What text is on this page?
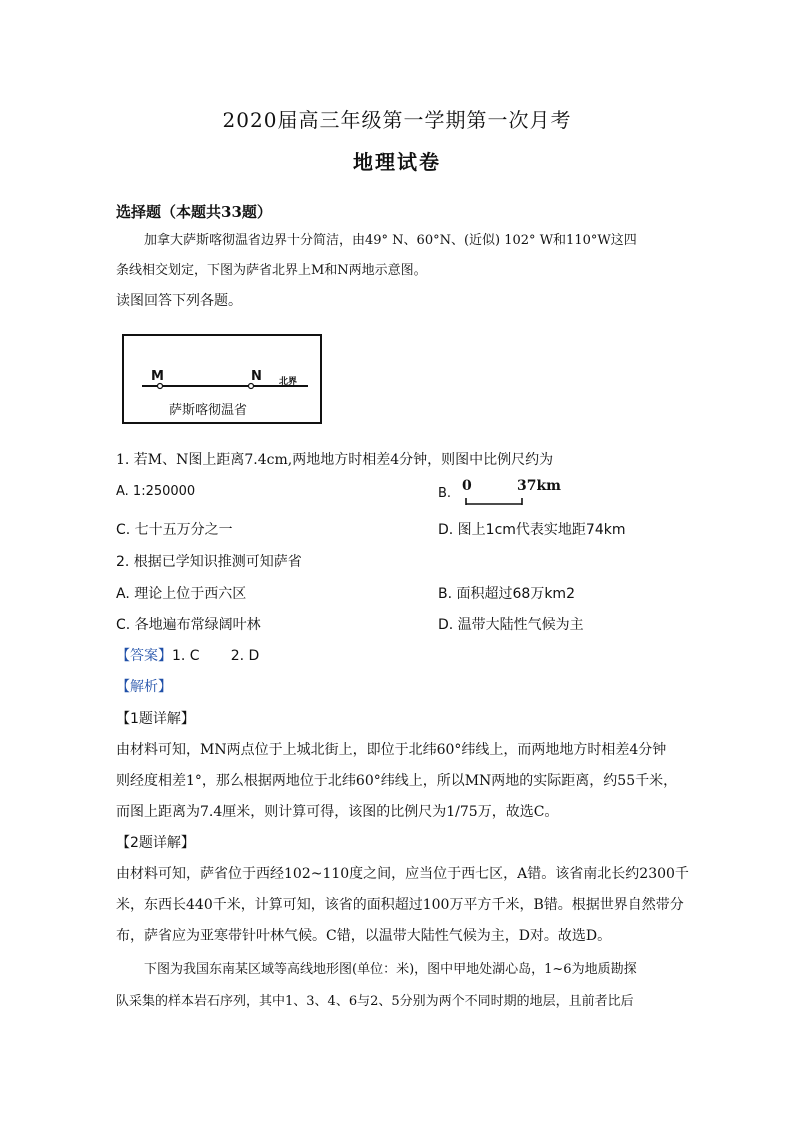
2020届高三年级第一学期第一次月考
地理试卷
选择题（本题共33题）
加拿大萨斯喀彻温省边界十分简洁，由49° N、60°N、(近似) 102° W和110°W这四
条线相交划定，下图为萨省北界上M和N两地示意图。
读图回答下列各题。
M	N 北界
萨斯喀彻温省
1. 若M、N图上距离7.4cm,两地地方时相差4分钟，则图中比例尺约为
A. 1:250000	B. 0	37km
C. 七十五万分之一	D. 图上1cm代表实地距74km
2. 根据已学知识推测可知萨省
A. 理论上位于西六区	B. 面积超过68万km2
C. 各地遍布常绿阔叶林	D. 温带大陆性气候为主
【答案】1. C       2. D
【解析】
【1题详解】
由材料可知，MN两点位于上城北街上，即位于北纬60°纬线上，而两地地方时相差4分钟
则经度相差1°，那么根据两地位于北纬60°纬线上，所以MN两地的实际距离，约55千米，
而图上距离为7.4厘米，则计算可得，该图的比例尺为1/75万，故选C。
【2题详解】
由材料可知，萨省位于西经102~110度之间，应当位于西七区，A错。该省南北长约2300千
米，东西长440千米，计算可知，该省的面积超过100万平方千米，B错。根据世界自然带分
布，萨省应为亚寒带针叶林气候。C错，以温带大陆性气候为主，D对。故选D。
下图为我国东南某区域等高线地形图(单位：米)，图中甲地处湖心岛，1~6为地质勘探
队采集的样本岩石序列，其中1、3、4、6与2、5分别为两个不同时期的地层，且前者比后
